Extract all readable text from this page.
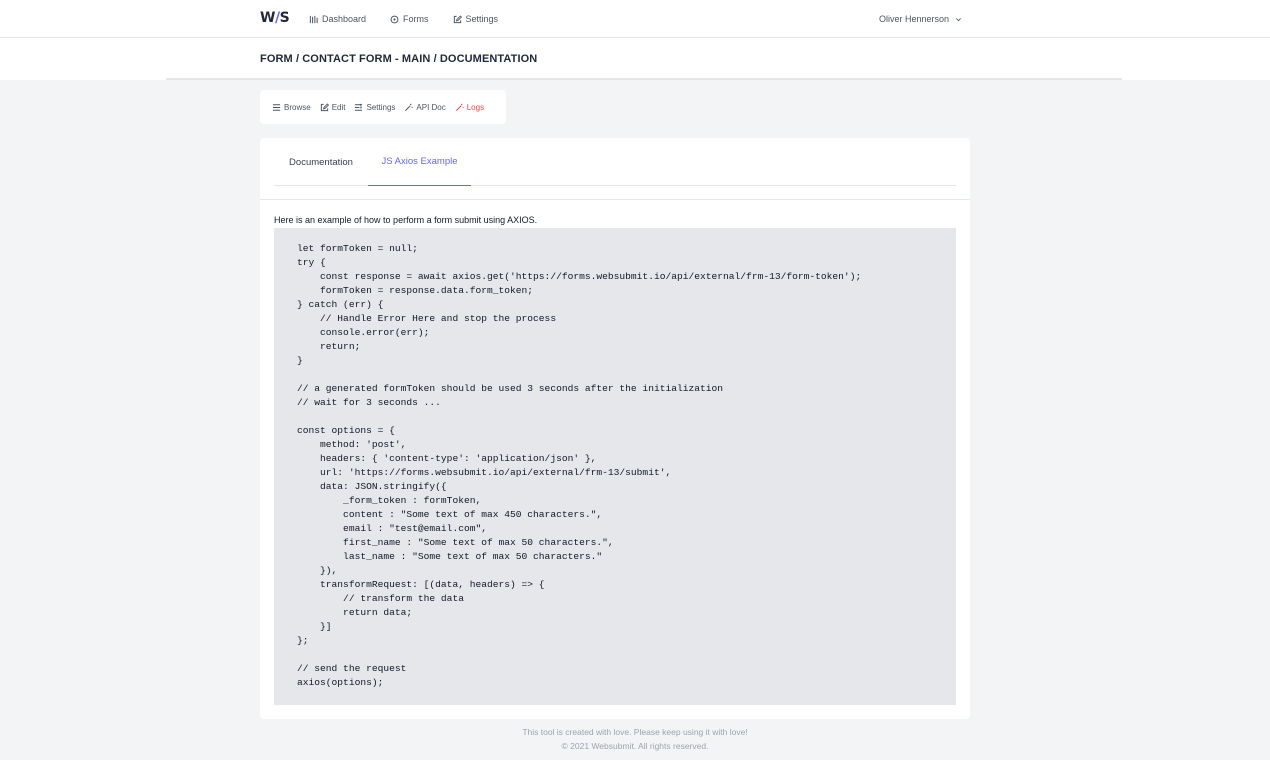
W/S	Dashboard	Forms	Settings	Oliver Hennerson
FORM / CONTACT FORM - MAIN / DOCUMENTATION
Browse	Edit	Settings	API Doc	Logs
Documentation	JS Axios Example
Here is an example of how to perform a form submit using AXIOS.
let formToken = null;
try {
const response = await axios.get('https://forms.websubmit.io/api/external/frm-13/form-token');
formToken = response.data.form_token;
} catch (err) {
// Handle Error Here and stop the process
console.error(err);
return;
}

// a generated formToken should be used 3 seconds after the initialization
// wait for 3 seconds ...

const options = {
method: 'post',
headers: { 'content-type': 'application/json' },
url: 'https://forms.websubmit.io/api/external/frm-13/submit',
data: JSON.stringify({
_form_token : formToken,
content : "Some text of max 450 characters.",
email : "test@email.com",
first_name : "Some text of max 50 characters.",
last_name : "Some text of max 50 characters."
}),
transformRequest: [(data, headers) => {
// transform the data
return data;
}]
};

// send the request
axios(options);
This tool is created with love. Please keep using it with love!
© 2021 Websubmit. All rights reserved.
